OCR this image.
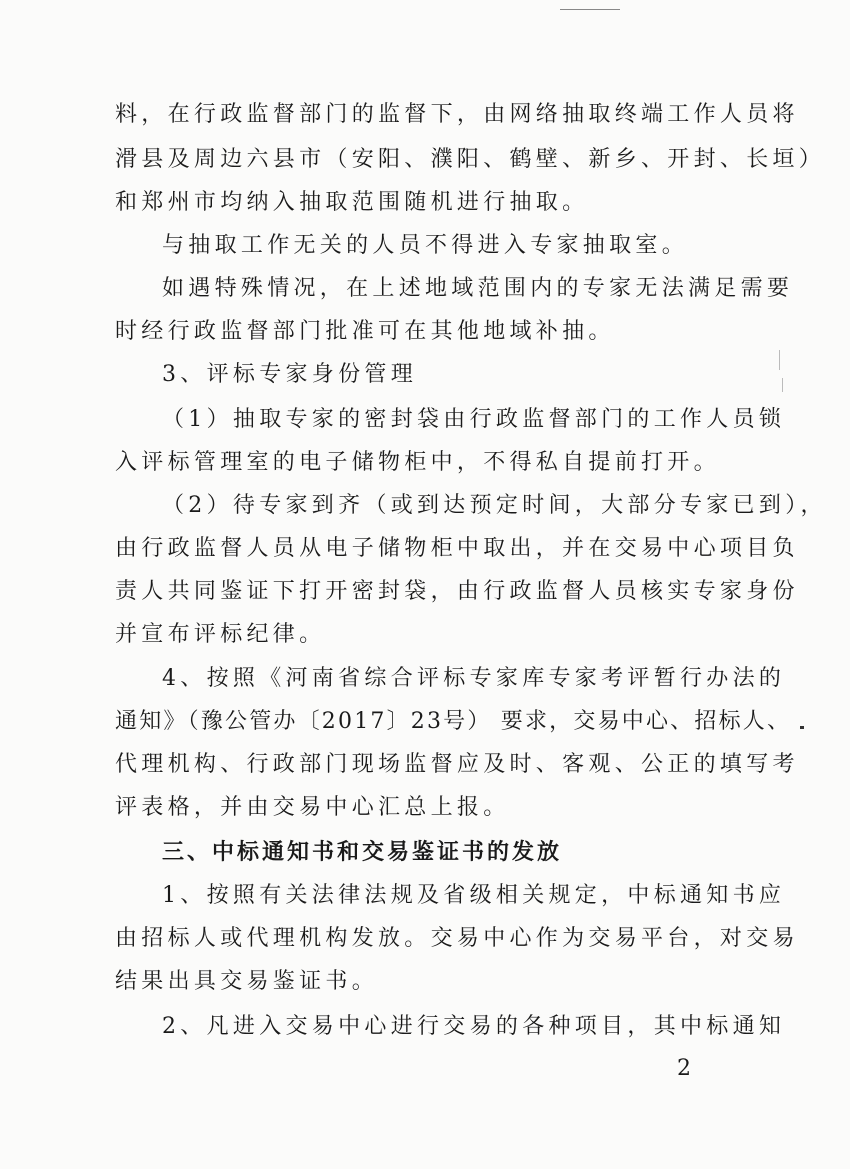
料，在行政监督部门的监督下，由网络抽取终端工作人员将
滑县及周边六县市（安阳、濮阳、鹤壁、新乡、开封、长垣）
和郑州市均纳入抽取范围随机进行抽取。
与抽取工作无关的人员不得进入专家抽取室。
如遇特殊情况，在上述地域范围内的专家无法满足需要
时经行政监督部门批准可在其他地域补抽。
3、评标专家身份管理
（1）抽取专家的密封袋由行政监督部门的工作人员锁
入评标管理室的电子储物柜中，不得私自提前打开。
（2）待专家到齐（或到达预定时间，大部分专家已到），
由行政监督人员从电子储物柜中取出，并在交易中心项目负
责人共同鉴证下打开密封袋，由行政监督人员核实专家身份
并宣布评标纪律。
4、按照《河南省综合评标专家库专家考评暂行办法的
通知》（豫公管办〔2017〕23号） 要求，交易中心、招标人、
代理机构、行政部门现场监督应及时、客观、公正的填写考
评表格，并由交易中心汇总上报。
三、中标通知书和交易鉴证书的发放
1、按照有关法律法规及省级相关规定，中标通知书应
由招标人或代理机构发放。交易中心作为交易平台，对交易
结果出具交易鉴证书。
2、凡进入交易中心进行交易的各种项目，其中标通知
2
